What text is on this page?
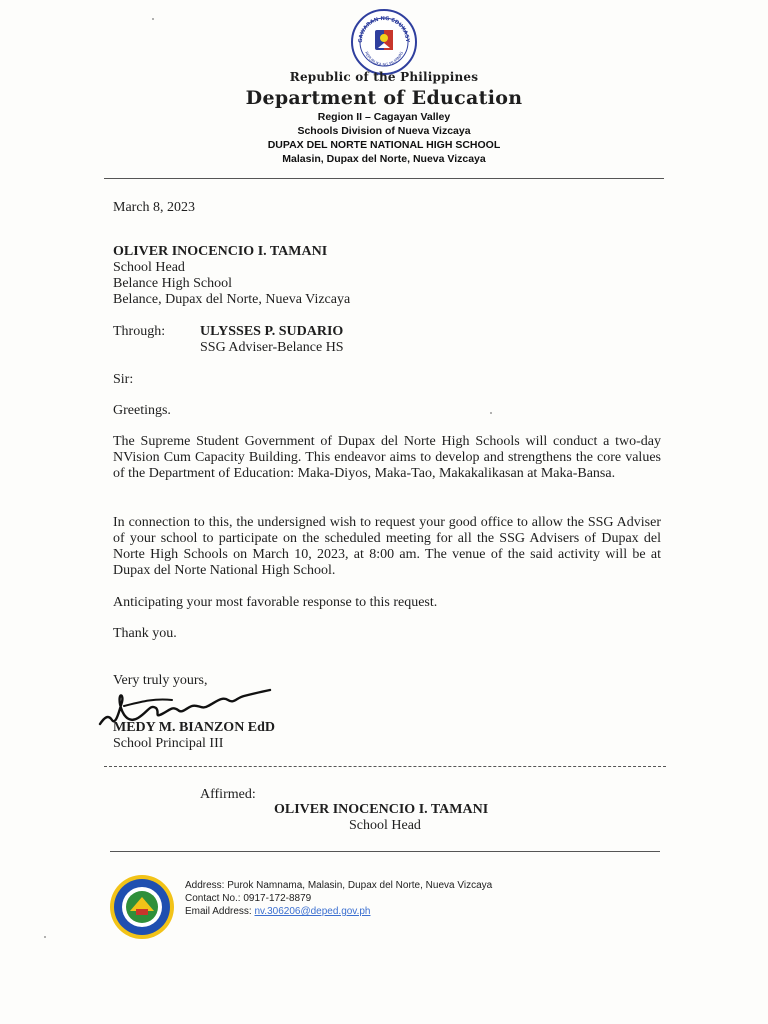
GAWARAN NG EDUKASY
REPUBLIKA NG PILIPINAS
Republic of the Philippines
Department of Education
Region II – Cagayan Valley
Schools Division of Nueva Vizcaya
DUPAX DEL NORTE NATIONAL HIGH SCHOOL
Malasin, Dupax del Norte, Nueva Vizcaya
March 8, 2023
OLIVER INOCENCIO I. TAMANI
School Head
Belance High School
Belance, Dupax del Norte, Nueva Vizcaya
Through: ULYSSES P. SUDARIO
SSG Adviser-Belance HS
Sir:
Greetings.
The Supreme Student Government of Dupax del Norte High Schools will conduct a two-day NVision Cum Capacity Building. This endeavor aims to develop and strengthens the core values of the Department of Education: Maka-Diyos, Maka-Tao, Makakalikasan at Maka-Bansa.
In connection to this, the undersigned wish to request your good office to allow the SSG Adviser of your school to participate on the scheduled meeting for all the SSG Advisers of Dupax del Norte High Schools on March 10, 2023, at 8:00 am. The venue of the said activity will be at Dupax del Norte National High School.
Anticipating your most favorable response to this request.
Thank you.
Very truly yours,
MEDY M. BIANZON EdD
School Principal III
Affirmed:
OLIVER INOCENCIO I. TAMANI
School Head
Address: Purok Namnama, Malasin, Dupax del Norte, Nueva Vizcaya
Contact No.: 0917-172-8879
Email Address: nv.306206@deped.gov.ph
